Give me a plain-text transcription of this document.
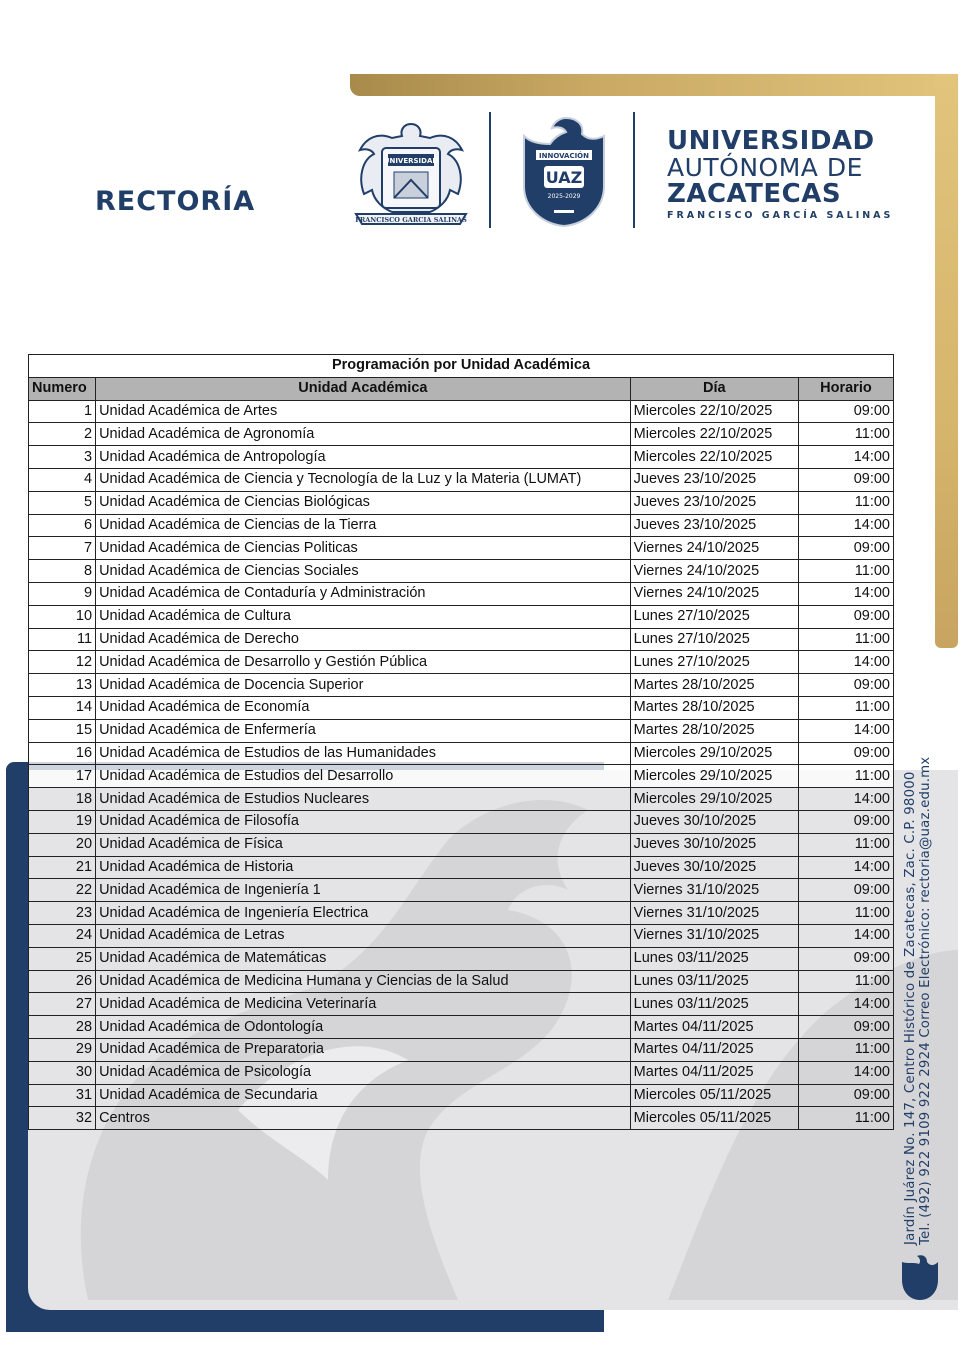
RECTORÍA
UNIVERSIDAD
FRANCISCO GARCIA SALINAS
INNOVACIÓN
UAZ
2025-2029
UNIVERSIDAD
AUTÓNOMA DE
ZACATECAS
FRANCISCO GARCÍA SALINAS
Programación por Unidad Académica			
Numero	Unidad Académica	Día	Horario
1	Unidad Académica de Artes	Miercoles 22/10/2025	09:00
2	Unidad Académica de Agronomía	Miercoles 22/10/2025	11:00
3	Unidad Académica de Antropología	Miercoles 22/10/2025	14:00
4	Unidad Académica de Ciencia y Tecnología de la Luz y la Materia (LUMAT)	Jueves 23/10/2025	09:00
5	Unidad Académica de Ciencias Biológicas	Jueves 23/10/2025	11:00
6	Unidad Académica de Ciencias de la Tierra	Jueves 23/10/2025	14:00
7	Unidad Académica de Ciencias Politicas	Viernes 24/10/2025	09:00
8	Unidad Académica de Ciencias Sociales	Viernes 24/10/2025	11:00
9	Unidad Académica de Contaduría y Administración	Viernes 24/10/2025	14:00
10	Unidad Académica de Cultura	Lunes 27/10/2025	09:00
11	Unidad Académica de Derecho	Lunes 27/10/2025	11:00
12	Unidad Académica de Desarrollo y Gestión Pública	Lunes 27/10/2025	14:00
13	Unidad Académica de Docencia Superior	Martes 28/10/2025	09:00
14	Unidad Académica de Economía	Martes 28/10/2025	11:00
15	Unidad Académica de Enfermería	Martes 28/10/2025	14:00
16	Unidad Académica de Estudios de las Humanidades	Miercoles 29/10/2025	09:00
17	Unidad Académica de Estudios del Desarrollo	Miercoles 29/10/2025	11:00
18	Unidad Académica de Estudios Nucleares	Miercoles 29/10/2025	14:00
19	Unidad Académica de Filosofía	Jueves 30/10/2025	09:00
20	Unidad Académica de Física	Jueves 30/10/2025	11:00
21	Unidad Académica de Historia	Jueves 30/10/2025	14:00
22	Unidad Académica de Ingeniería 1	Viernes 31/10/2025	09:00
23	Unidad Académica de Ingeniería Electrica	Viernes 31/10/2025	11:00
24	Unidad Académica de Letras	Viernes 31/10/2025	14:00
25	Unidad Académica de Matemáticas	Lunes 03/11/2025	09:00
26	Unidad Académica de Medicina Humana y Ciencias de la Salud	Lunes 03/11/2025	11:00
27	Unidad Académica de Medicina Veterinaría	Lunes 03/11/2025	14:00
28	Unidad Académica de Odontología	Martes 04/11/2025	09:00
29	Unidad Académica de Preparatoria	Martes 04/11/2025	11:00
30	Unidad Académica de Psicología	Martes 04/11/2025	14:00
31	Unidad Académica de Secundaria	Miercoles 05/11/2025	09:00
32	Centros	Miercoles 05/11/2025	11:00 Jardín Juárez No. 147, Centro Histórico de Zacatecas, Zac. C.P. 98000 Tel. (492) 922 9109 922 2924 Correo Electrónico: rectoria@uaz.edu.mx
